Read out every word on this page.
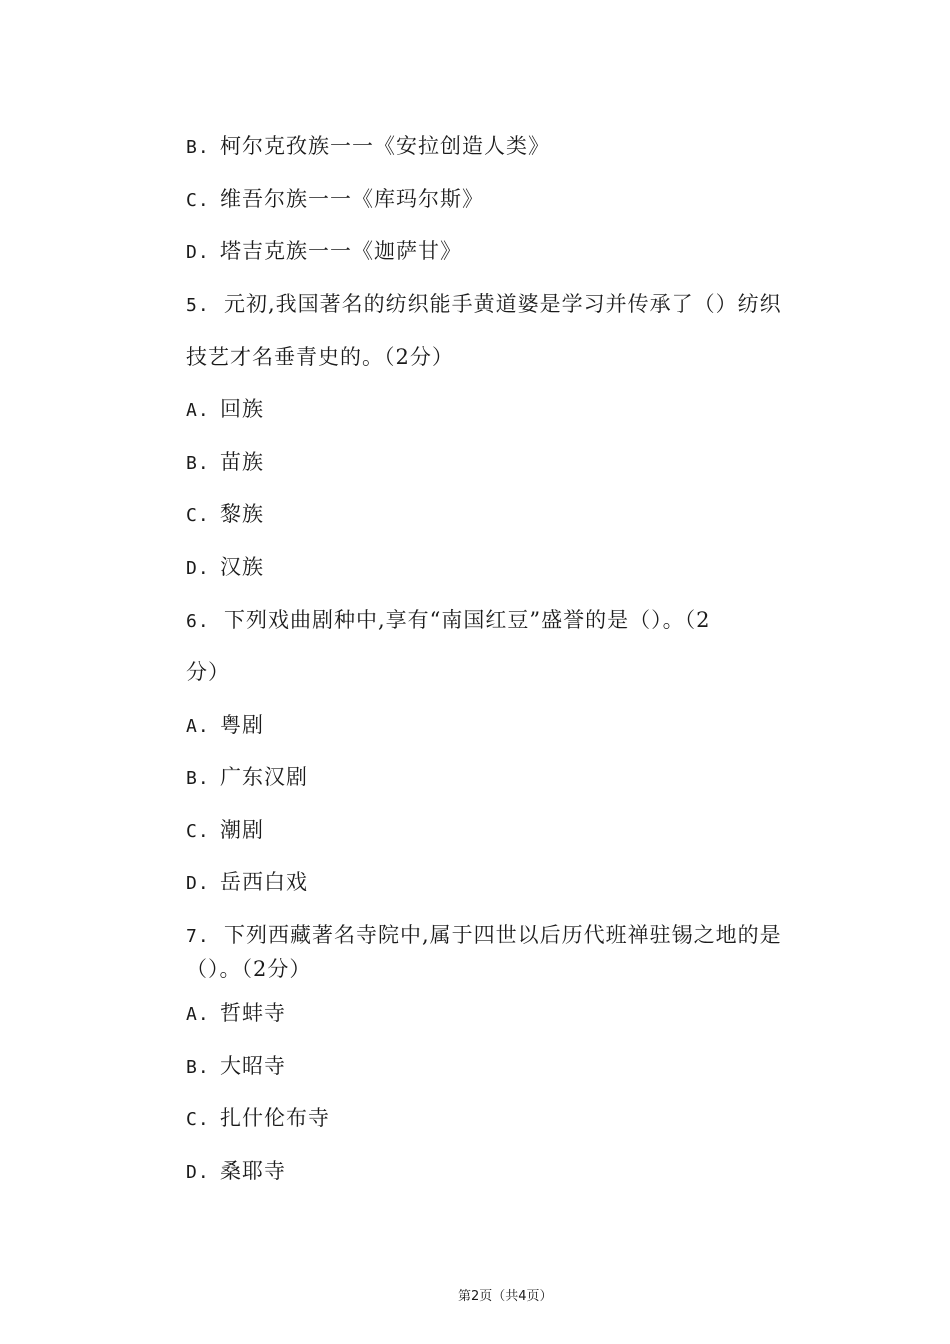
B. 柯尔克孜族一一《安拉创造人类》
C. 维吾尔族一一《库玛尔斯》
D. 塔吉克族一一《迦萨甘》
5. 元初,我国著名的纺织能手黄道婆是学习并传承了（）纺织
技艺才名垂青史的。（2分）
A. 回族
B. 苗族
C. 黎族
D. 汉族
6. 下列戏曲剧种中,享有“南国红豆”盛誉的是（）。（2
分）
A. 粤剧
B. 广东汉剧
C. 潮剧
D. 岳西白戏
7. 下列西藏著名寺院中,属于四世以后历代班禅驻锡之地的是
（）。（2分）
A. 哲蚌寺
B. 大昭寺
C. 扎什伦布寺
D. 桑耶寺
第2页（共4页）
